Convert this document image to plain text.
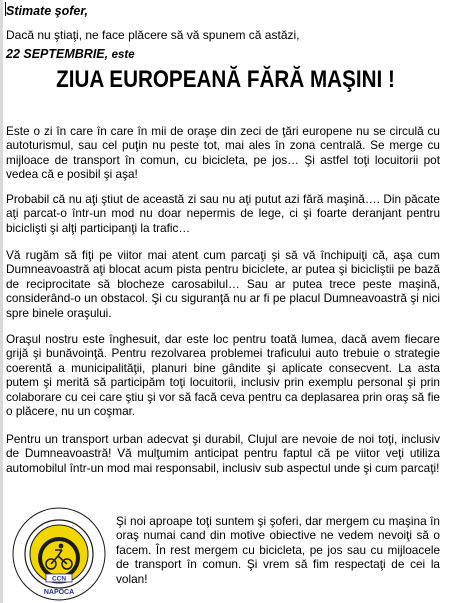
Stimate şofer,
Dacă nu ştiaţi, ne face plăcere să vă spunem că astăzi,
22 SEPTEMBRIE, este
ZIUA EUROPEANĂ FĂRĂ MAŞINI !

Este o zi în care în care în mii de oraşe din zeci de ţări europene nu se circulă cu autoturismul, sau cel puţin nu peste tot, mai ales în zona centrală. Se merge cu mijloace de transport în comun, cu bicicleta, pe jos… Şi astfel toţi locuitorii pot vedea că e posibil şi aşa!

Probabil că nu aţi ştiut de această zi sau nu aţi putut azi fără maşină…. Din păcate aţi parcat-o într-un mod nu doar nepermis de lege, ci şi foarte deranjant pentru biciclişti şi alţi participanţi la trafic…

Vă rugăm să fiţi pe viitor mai atent cum parcaţi şi să vă închipuiţi că, aşa cum Dumneavoastră aţi blocat acum pista pentru biciclete, ar putea şi bicicliştii pe bază de reciprocitate să blocheze carosabilul… Sau ar putea trece peste maşină, considerând-o un obstacol. Şi cu siguranţă nu ar fi pe placul Dumneavoastră şi nici spre binele oraşului.

Oraşul nostru este înghesuit, dar este loc pentru toată lumea, dacă avem fiecare grijă şi bunăvoinţă. Pentru rezolvarea problemei traficului auto trebuie o strategie coerentă a municipalităţii, planuri bine gândite şi aplicate consecvent. La asta putem şi merită să participăm toţi locuitorii, inclusiv prin exemplu personal şi prin colaborare cu cei care ştiu şi vor să facă ceva pentru ca deplasarea prin oraş să fie o plăcere, nu un coşmar.

Pentru un transport urban adecvat şi durabil, Clujul are nevoie de noi toţi, inclusiv de Dumneavoastră! Vă mulţumim anticipat pentru faptul că pe viitor veţi utiliza automobilul într-un mod mai responsabil, inclusiv sub aspectul unde şi cum parcaţi!

CCN
NAPOCA

Şi noi aproape toţi suntem şi şoferi, dar mergem cu maşina în oraş numai cand din motive obiective ne vedem nevoiţi să o facem. În rest mergem cu bicicleta, pe jos sau cu mijloacele de transport în comun. Şi vrem să fim respectaţi de cei la volan!
